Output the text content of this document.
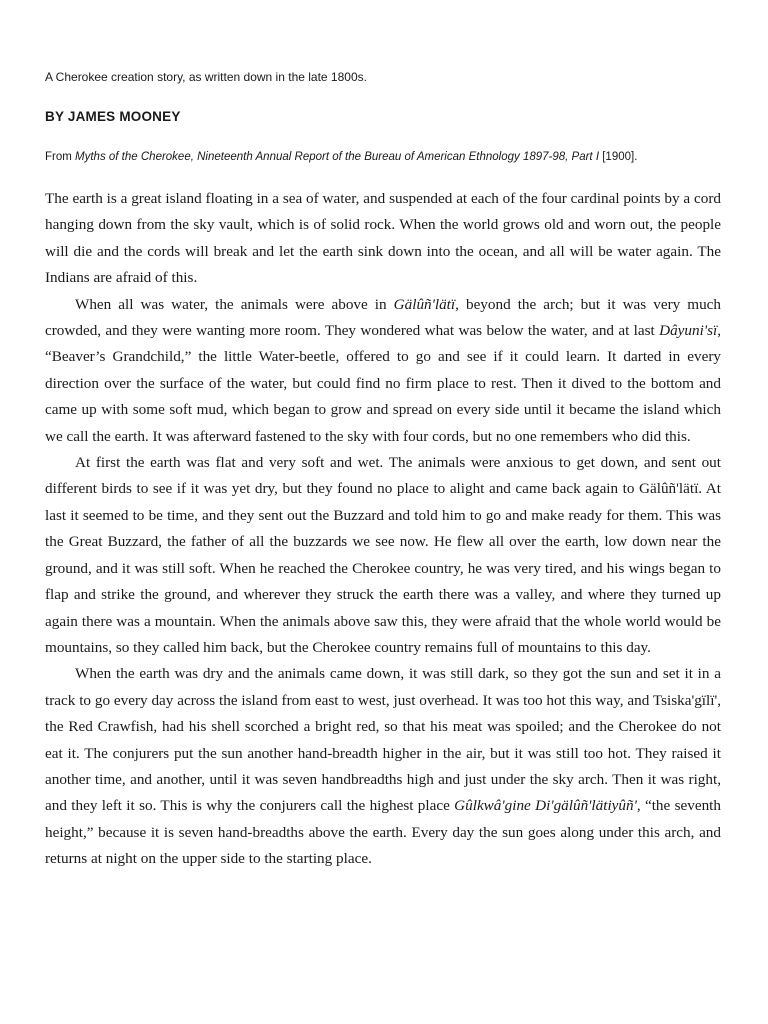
A Cherokee creation story, as written down in the late 1800s.

BY JAMES MOONEY

From Myths of the Cherokee, Nineteenth Annual Report of the Bureau of American Ethnology 1897-98, Part I [1900].

The earth is a great island floating in a sea of water, and suspended at each of the four cardinal points by a cord hanging down from the sky vault, which is of solid rock. When the world grows old and worn out, the people will die and the cords will break and let the earth sink down into the ocean, and all will be water again. The Indians are afraid of this.

When all was water, the animals were above in Gälûñ'lätï, beyond the arch; but it was very much crowded, and they were wanting more room. They wondered what was below the water, and at last Dâyuni'sï, “Beaver’s Grandchild,” the little Water-beetle, offered to go and see if it could learn. It darted in every direction over the surface of the water, but could find no firm place to rest. Then it dived to the bottom and came up with some soft mud, which began to grow and spread on every side until it became the island which we call the earth. It was afterward fastened to the sky with four cords, but no one remembers who did this.

At first the earth was flat and very soft and wet. The animals were anxious to get down, and sent out different birds to see if it was yet dry, but they found no place to alight and came back again to Gälûñ'lätï. At last it seemed to be time, and they sent out the Buzzard and told him to go and make ready for them. This was the Great Buzzard, the father of all the buzzards we see now. He flew all over the earth, low down near the ground, and it was still soft. When he reached the Cherokee country, he was very tired, and his wings began to flap and strike the ground, and wherever they struck the earth there was a valley, and where they turned up again there was a mountain. When the animals above saw this, they were afraid that the whole world would be mountains, so they called him back, but the Cherokee country remains full of mountains to this day.

When the earth was dry and the animals came down, it was still dark, so they got the sun and set it in a track to go every day across the island from east to west, just overhead. It was too hot this way, and Tsiska'gïlï', the Red Crawfish, had his shell scorched a bright red, so that his meat was spoiled; and the Cherokee do not eat it. The conjurers put the sun another hand-breadth higher in the air, but it was still too hot. They raised it another time, and another, until it was seven handbreadths high and just under the sky arch. Then it was right, and they left it so. This is why the conjurers call the highest place Gûlkwâ'gine Di'gälûñ'lätiyûñ', “the seventh height,” because it is seven hand-breadths above the earth. Every day the sun goes along under this arch, and returns at night on the upper side to the starting place.
